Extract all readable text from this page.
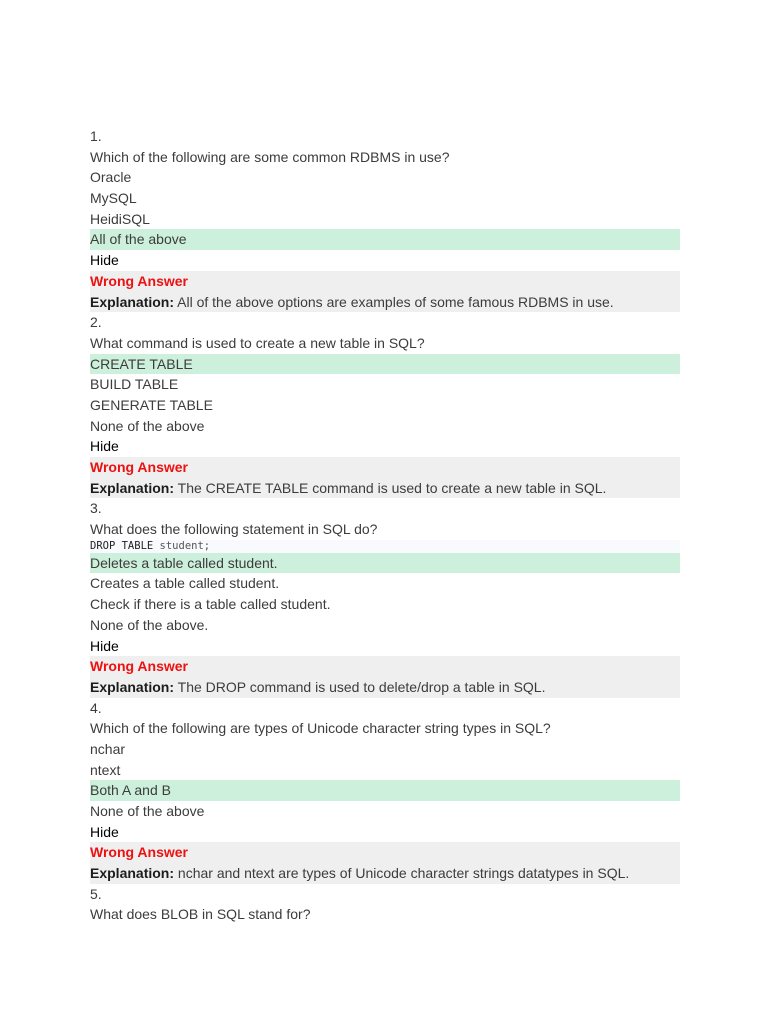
1.
Which of the following are some common RDBMS in use?
Oracle
MySQL
HeidiSQL
All of the above
Hide
Wrong Answer
Explanation: All of the above options are examples of some famous RDBMS in use.
2.
What command is used to create a new table in SQL?
CREATE TABLE
BUILD TABLE
GENERATE TABLE
None of the above
Hide
Wrong Answer
Explanation: The CREATE TABLE command is used to create a new table in SQL.
3.
What does the following statement in SQL do?
DROP TABLE student;
Deletes a table called student.
Creates a table called student.
Check if there is a table called student.
None of the above.
Hide
Wrong Answer
Explanation: The DROP command is used to delete/drop a table in SQL.
4.
Which of the following are types of Unicode character string types in SQL?
nchar
ntext
Both A and B
None of the above
Hide
Wrong Answer
Explanation: nchar and ntext are types of Unicode character strings datatypes in SQL.
5.
What does BLOB in SQL stand for?
